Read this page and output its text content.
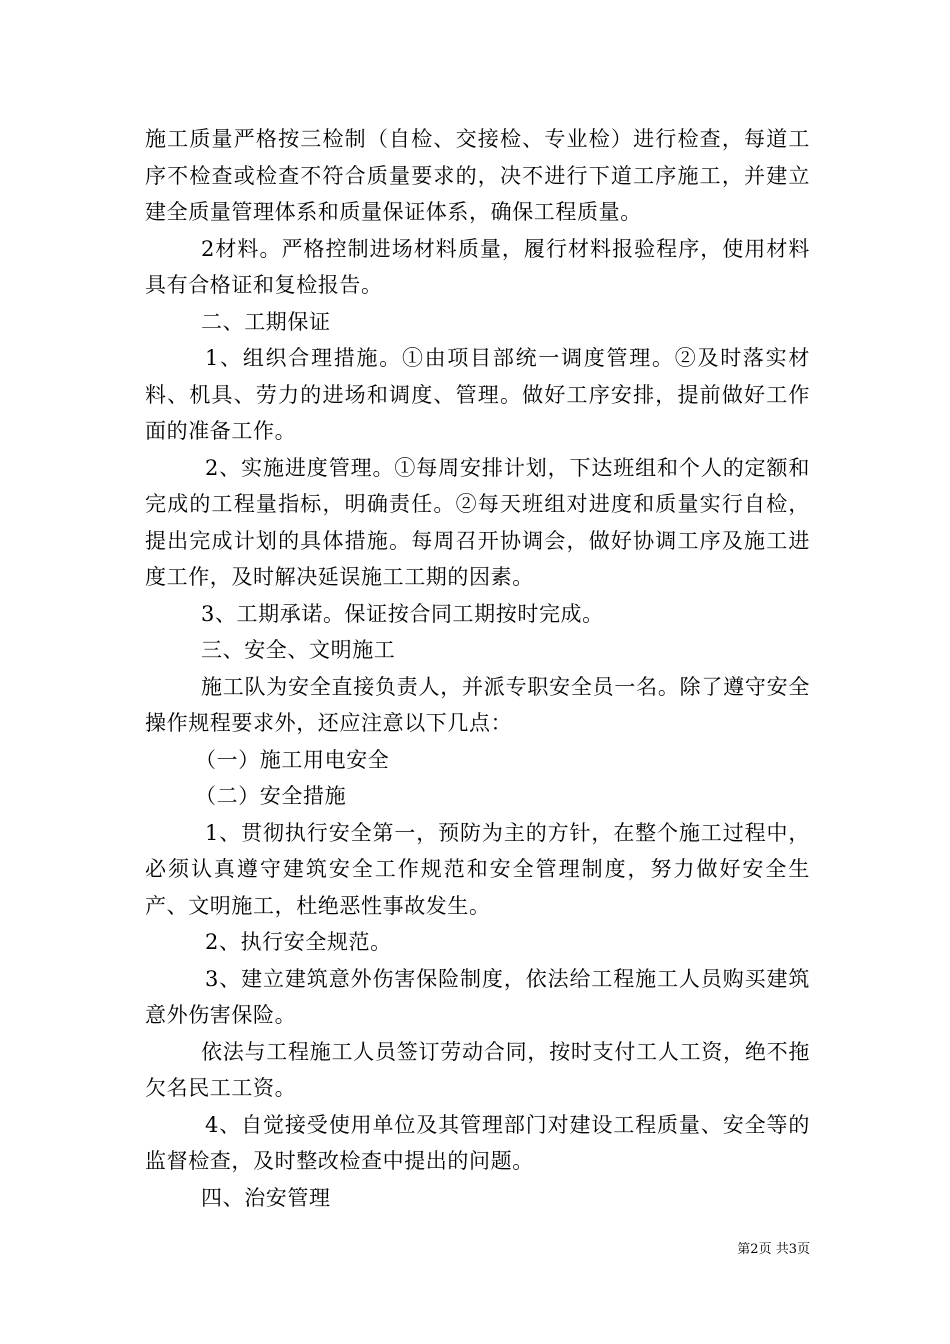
施工质量严格按三检制（自检、交接检、专业检）进行检查，每道工序不检查或检查不符合质量要求的，决不进行下道工序施工，并建立建全质量管理体系和质量保证体系，确保工程质量。

2材料。严格控制进场材料质量，履行材料报验程序，使用材料具有合格证和复检报告。

二、工期保证

1、组织合理措施。①由项目部统一调度管理。②及时落实材料、机具、劳力的进场和调度、管理。做好工序安排，提前做好工作面的准备工作。

2、实施进度管理。①每周安排计划，下达班组和个人的定额和完成的工程量指标，明确责任。②每天班组对进度和质量实行自检，提出完成计划的具体措施。每周召开协调会，做好协调工序及施工进度工作，及时解决延误施工工期的因素。

3、工期承诺。保证按合同工期按时完成。

三、安全、文明施工

施工队为安全直接负责人，并派专职安全员一名。除了遵守安全操作规程要求外，还应注意以下几点：

（一）施工用电安全

（二）安全措施

1、贯彻执行安全第一，预防为主的方针，在整个施工过程中，必须认真遵守建筑安全工作规范和安全管理制度，努力做好安全生产、文明施工，杜绝恶性事故发生。

2、执行安全规范。

3、建立建筑意外伤害保险制度，依法给工程施工人员购买建筑意外伤害保险。

依法与工程施工人员签订劳动合同，按时支付工人工资，绝不拖欠名民工工资。

4、自觉接受使用单位及其管理部门对建设工程质量、安全等的监督检查，及时整改检查中提出的问题。

四、治安管理

第2页 共3页
